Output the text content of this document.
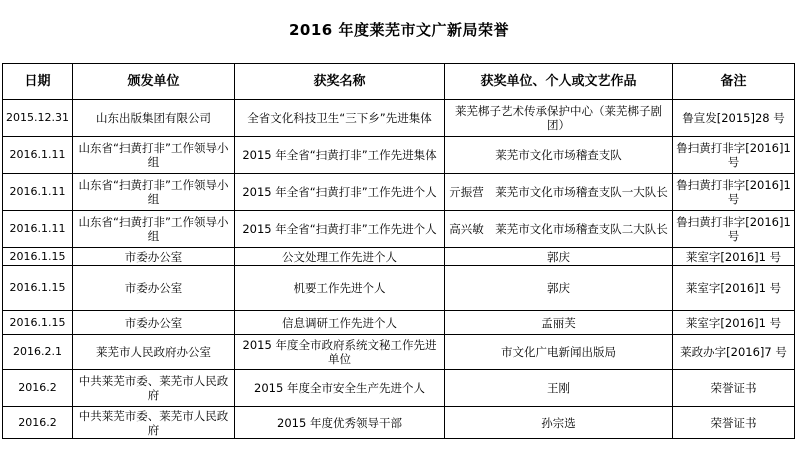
2016 年度莱芜市文广新局荣誉
日期	颁发单位	获奖名称	获奖单位、个人或文艺作品	备注
2015.12.31	山东出版集团有限公司	全省文化科技卫生“三下乡”先进集体	莱芜梆子艺术传承保护中心（莱芜梆子剧团）	鲁宣发[2015]28 号
2016.1.11	山东省“扫黄打非”工作领导小组	2015 年全省“扫黄打非”工作先进集体	莱芜市文化市场稽查支队	鲁扫黄打非字[2016]1 号
2016.1.11	山东省“扫黄打非”工作领导小组	2015 年全省“扫黄打非”工作先进个人	亓振营　莱芜市文化市场稽查支队一大队长	鲁扫黄打非字[2016]1 号
2016.1.11	山东省“扫黄打非”工作领导小组	2015 年全省“扫黄打非”工作先进个人	高兴敏　莱芜市文化市场稽查支队二大队长	鲁扫黄打非字[2016]1 号
2016.1.15	市委办公室	公文处理工作先进个人	郭庆	莱室字[2016]1 号
2016.1.15	市委办公室	机要工作先进个人	郭庆	莱室字[2016]1 号
2016.1.15	市委办公室	信息调研工作先进个人	孟丽芙	莱室字[2016]1 号
2016.2.1	莱芜市人民政府办公室	2015 年度全市政府系统文秘工作先进单位	市文化广电新闻出版局	莱政办字[2016]7 号
2016.2	中共莱芜市委、莱芜市人民政府	2015 年度全市安全生产先进个人	王刚	荣誉证书
2016.2	中共莱芜市委、莱芜市人民政府	2015 年度优秀领导干部	孙宗选	荣誉证书
